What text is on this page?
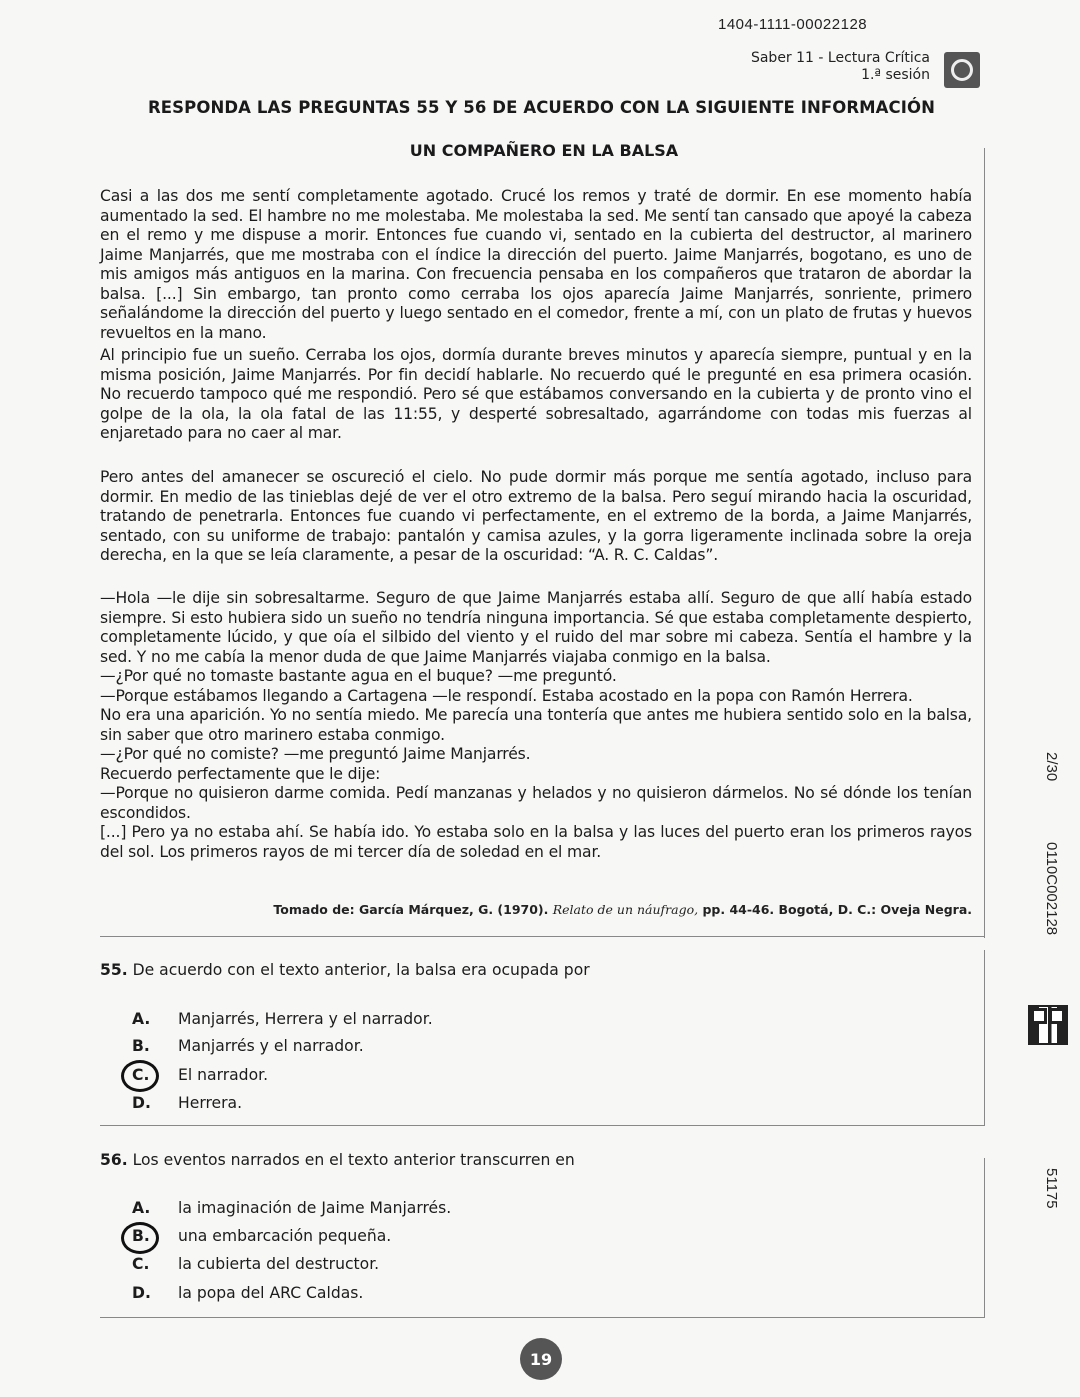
1404-1111-00022128
Saber 11 - Lectura Crítica
1.ª sesión
RESPONDA LAS PREGUNTAS 55 Y 56 DE ACUERDO CON LA SIGUIENTE INFORMACIÓN
UN COMPAÑERO EN LA BALSA

Casi a las dos me sentí completamente agotado. Crucé los remos y traté de dormir. En ese momento había aumentado la sed. El hambre no me molestaba. Me molestaba la sed. Me sentí tan cansado que apoyé la cabeza en el remo y me dispuse a morir. Entonces fue cuando vi, sentado en la cubierta del destructor, al marinero Jaime Manjarrés, que me mostraba con el índice la dirección del puerto. Jaime Manjarrés, bogotano, es uno de mis amigos más antiguos en la marina. Con frecuencia pensaba en los compañeros que trataron de abordar la balsa. [...] Sin embargo, tan pronto como cerraba los ojos aparecía Jaime Manjarrés, sonriente, primero señalándome la dirección del puerto y luego sentado en el comedor, frente a mí, con un plato de frutas y huevos revueltos en la mano.

Al principio fue un sueño. Cerraba los ojos, dormía durante breves minutos y aparecía siempre, puntual y en la misma posición, Jaime Manjarrés. Por fin decidí hablarle. No recuerdo qué le pregunté en esa primera ocasión. No recuerdo tampoco qué me respondió. Pero sé que estábamos conversando en la cubierta y de pronto vino el golpe de la ola, la ola fatal de las 11:55, y desperté sobresaltado, agarrándome con todas mis fuerzas al enjaretado para no caer al mar.

Pero antes del amanecer se oscureció el cielo. No pude dormir más porque me sentía agotado, incluso para dormir. En medio de las tinieblas dejé de ver el otro extremo de la balsa. Pero seguí mirando hacia la oscuridad, tratando de penetrarla. Entonces fue cuando vi perfectamente, en el extremo de la borda, a Jaime Manjarrés, sentado, con su uniforme de trabajo: pantalón y camisa azules, y la gorra ligeramente inclinada sobre la oreja derecha, en la que se leía claramente, a pesar de la oscuridad: “A. R. C. Caldas”.

—Hola —le dije sin sobresaltarme. Seguro de que Jaime Manjarrés estaba allí. Seguro de que allí había estado siempre. Si esto hubiera sido un sueño no tendría ninguna importancia. Sé que estaba completamente despierto, completamente lúcido, y que oía el silbido del viento y el ruido del mar sobre mi cabeza. Sentía el hambre y la sed. Y no me cabía la menor duda de que Jaime Manjarrés viajaba conmigo en la balsa.

—¿Por qué no tomaste bastante agua en el buque? —me preguntó.

—Porque estábamos llegando a Cartagena —le respondí. Estaba acostado en la popa con Ramón Herrera.

No era una aparición. Yo no sentía miedo. Me parecía una tontería que antes me hubiera sentido solo en la balsa, sin saber que otro marinero estaba conmigo.

—¿Por qué no comiste? —me preguntó Jaime Manjarrés.

Recuerdo perfectamente que le dije:

—Porque no quisieron darme comida. Pedí manzanas y helados y no quisieron dármelos. No sé dónde los tenían escondidos.

[...] Pero ya no estaba ahí. Se había ido. Yo estaba solo en la balsa y las luces del puerto eran los primeros rayos del sol. Los primeros rayos de mi tercer día de soledad en el mar.

Tomado de: García Márquez, G. (1970). Relato de un náufrago, pp. 44-46. Bogotá, D. C.: Oveja Negra.
55. De acuerdo con el texto anterior, la balsa era ocupada por
A. Manjarrés, Herrera y el narrador.
B. Manjarrés y el narrador.
C. El narrador.
D. Herrera.
56. Los eventos narrados en el texto anterior transcurren en
A. la imaginación de Jaime Manjarrés.
B. una embarcación pequeña.
C. la cubierta del destructor.
D. la popa del ARC Caldas.
2/30
0110C002128
51175
19
